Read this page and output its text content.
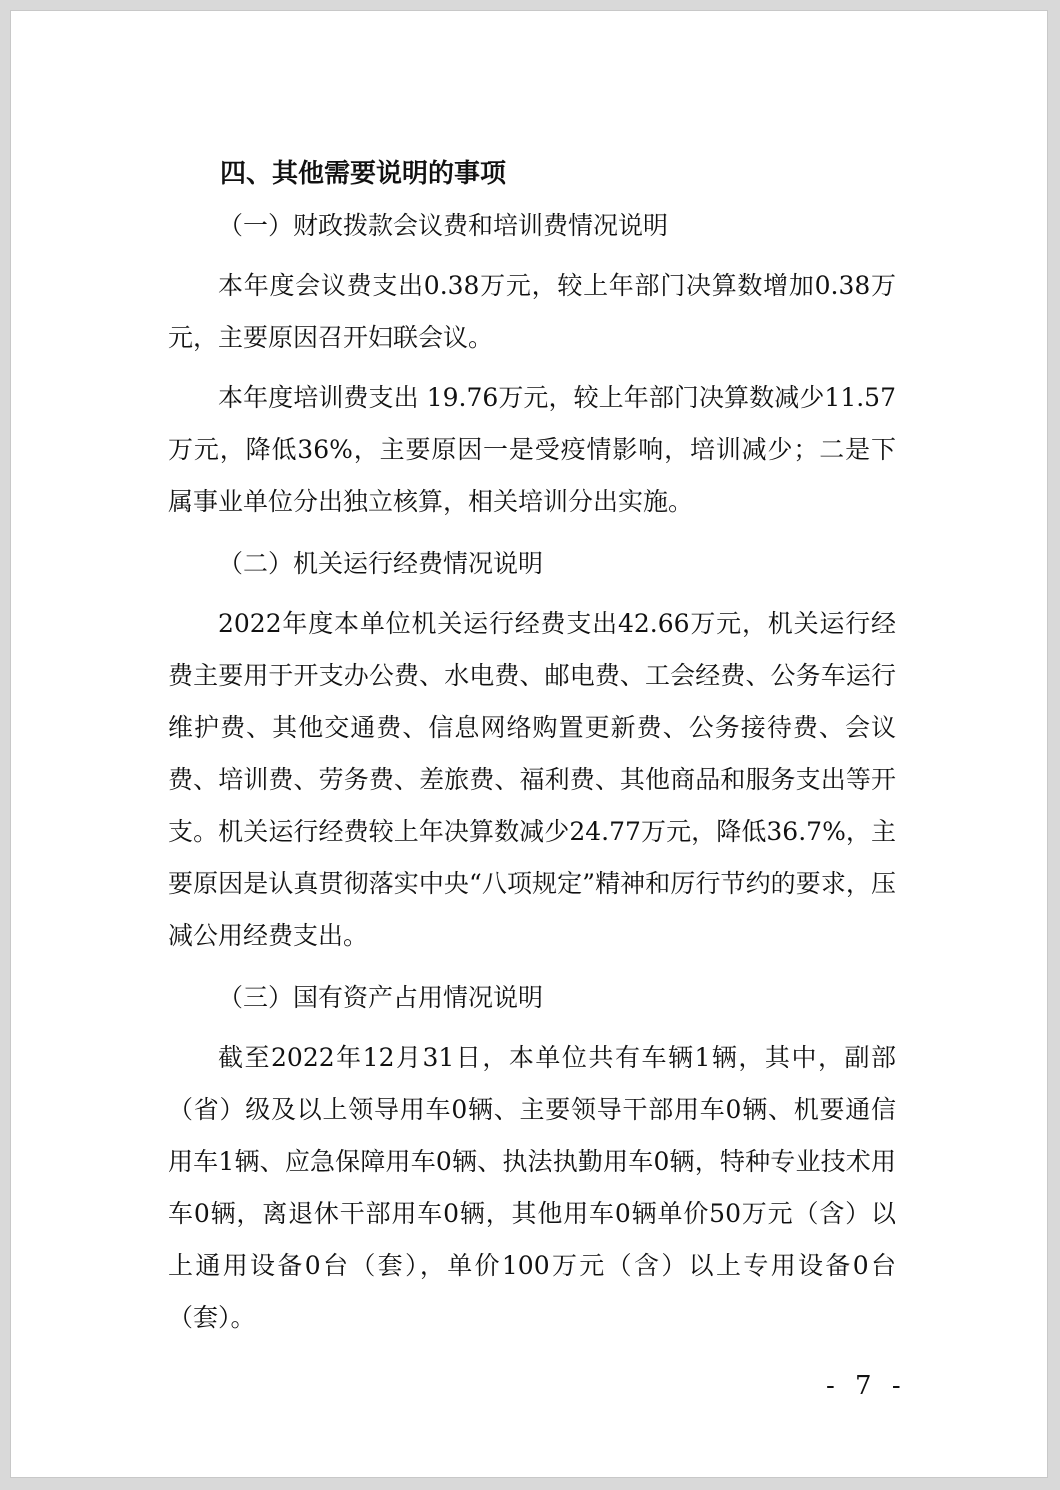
四、其他需要说明的事项

（一）财政拨款会议费和培训费情况说明

本年度会议费支出0.38万元，较上年部门决算数增加0.38万元，主要原因召开妇联会议。

本年度培训费支出 19.76万元，较上年部门决算数减少11.57万元，降低36%，主要原因一是受疫情影响，培训减少；二是下属事业单位分出独立核算，相关培训分出实施。

（二）机关运行经费情况说明

2022年度本单位机关运行经费支出42.66万元，机关运行经费主要用于开支办公费、水电费、邮电费、工会经费、公务车运行维护费、其他交通费、信息网络购置更新费、公务接待费、会议费、培训费、劳务费、差旅费、福利费、其他商品和服务支出等开支。机关运行经费较上年决算数减少24.77万元，降低36.7%，主要原因是认真贯彻落实中央“八项规定”精神和厉行节约的要求，压减公用经费支出。

（三）国有资产占用情况说明

截至2022年12月31日，本单位共有车辆1辆，其中，副部（省）级及以上领导用车0辆、主要领导干部用车0辆、机要通信用车1辆、应急保障用车0辆、执法执勤用车0辆，特种专业技术用车0辆，离退休干部用车0辆，其他用车0辆单价50万元（含）以上通用设备0台（套），单价100万元（含）以上专用设备0台（套）。

- 7 -
